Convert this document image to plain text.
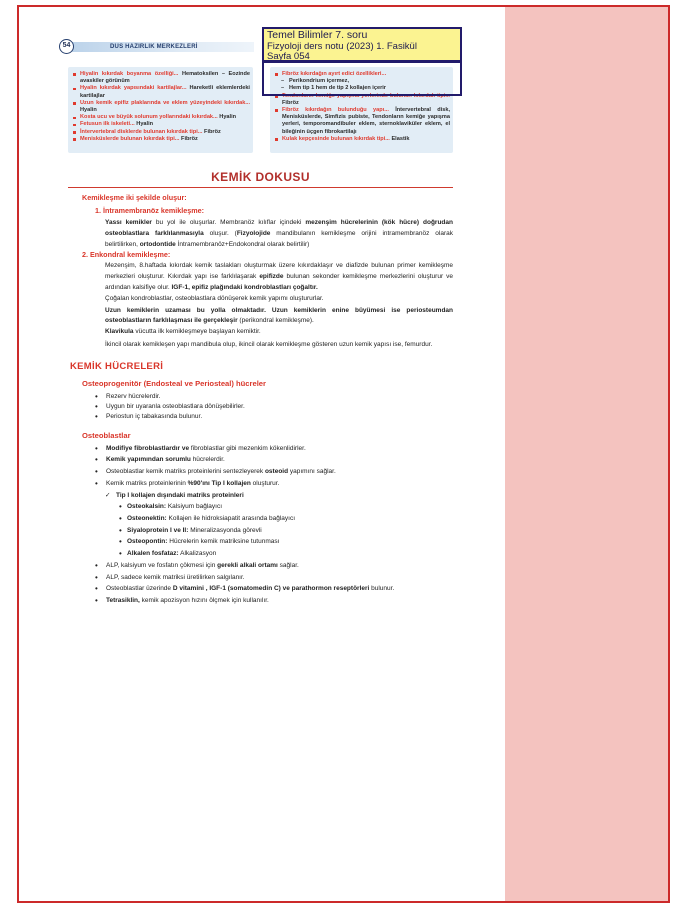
54	DUS HAZIRLIK MERKEZLERİ
Temel Bilimler 7. soru
Fizyoloji ders notu (2023) 1. Fasikül
Sayfa 054
Hiyalin kıkırdak boyanma özelliği... Hematoksilen – Eozinde avaskiler görünüm
Hyalin kıkırdak yapısındaki kartilajlar... Hareketli eklemlerdeki kartilajlar
Uzun kemik epifiz plaklarında ve eklem yüzeyindeki kıkırdak... Hyalin
Kosta ucu ve büyük solunum yollarındaki kıkırdak... Hyalin
Fetusun ilk iskeleti... Hyalin
İntervertebral disklerde bulunan kıkırdak tipi... Fibröz
Menisküslerde bulunan kıkırdak tipi... Fibröz
Fibröz kıkırdağın ayırt edici özellikleri...
– Perikondrium içermez,
– Hem tip 1 hem de tip 2 kollajen içerir
Tendonların kemiğe yapışma yerlerinde bulunan kıkırdak tipi... Fibröz
Fibröz kıkırdağın bulunduğu yapı... İntervertebral disk, Menisküslerde, Simfizis pubiste, Tendonların kemiğe yapışma yerleri, temporomandibuler eklem, sternoklaviküler eklem, el bileğinin üçgen fibrokartilajı
Kulak kepçesinde bulunan kıkırdak tipi... Elastik
KEMİK DOKUSU
Kemikleşme iki şekilde oluşur:
1. İntramembranöz kemikleşme:

Yassı kemikler bu yol ile oluşurlar. Membranöz kılıflar içindeki mezenşim hücrelerinin (kök hücre) doğrudan osteoblastlara farklılanmasıyla oluşur. (Fizyolojide mandibulanın kemikleşme orijini intramembranöz olarak belirtilirken, ortodontide İntramembranöz+Endokondral olarak belirtilir)

2. Enkondral kemikleşme:

Mezenşim, 8.haftada kıkırdak kemik taslakları oluşturmak üzere kıkırdaklaşır ve diafizde bulunan primer kemikleşme merkezleri oluşturur. Kıkırdak yapı ise farklılaşarak epifizde bulunan sekonder kemikleşme merkezlerini oluşturur ve ardından kalsifiye olur. IGF-1, epifiz plağındaki kondroblastları çoğaltır.

Çoğalan kondroblastlar, osteoblastlara dönüşerek kemik yapımı oluştururlar.

Uzun kemiklerin uzaması bu yolla olmaktadır. Uzun kemiklerin enine büyümesi ise periosteumdan osteoblastların farklılaşması ile gerçekleşir (perikondral kemikleşme).

Klavikula vücutta ilk kemikleşmeye başlayan kemiktir.

İkincil olarak kemikleşen yapı mandibula olup, ikincil olarak kemikleşme gösteren uzun kemik yapısı ise, femurdur.

KEMİK HÜCRELERİ
Osteoprogenitör (Endosteal ve Periosteal) hücreler
• Rezerv hücrelerdir.
• Uygun bir uyaranla osteoblastlara dönüşebilirler.
• Periostun iç tabakasında bulunur.
Osteoblastlar
• Modifiye fibroblastlardır ve fibroblastlar gibi mezenkim kökenlidirler.
• Kemik yapımından sorumlu hücrelerdir.
• Osteoblastlar kemik matriks proteinlerini sentezleyerek osteoid yapımını sağlar.
• Kemik matriks proteinlerinin %90'ını Tip I kollajen oluşturur.
✓ Tip I kollajen dışındaki matriks proteinleri
• Osteokalsin: Kalsiyum bağlayıcı
• Osteonektin: Kollajen ile hidroksiapatit arasında bağlayıcı
• Siyaloprotein I ve II: Mineralizasyonda görevli
• Osteopontin: Hücrelerin kemik matriksine tutunması
• Alkalen fosfataz: Alkalizasyon
• ALP, kalsiyum ve fosfatın çökmesi için gerekli alkali ortamı sağlar.
• ALP, sadece kemik matriksi üretilirken salgılanır.
• Osteoblastlar üzerinde D vitamini , IGF-1 (somatomedin C) ve parathormon reseptörleri bulunur.
• Tetrasiklin, kemik apozisyon hızını ölçmek için kullanılır.
